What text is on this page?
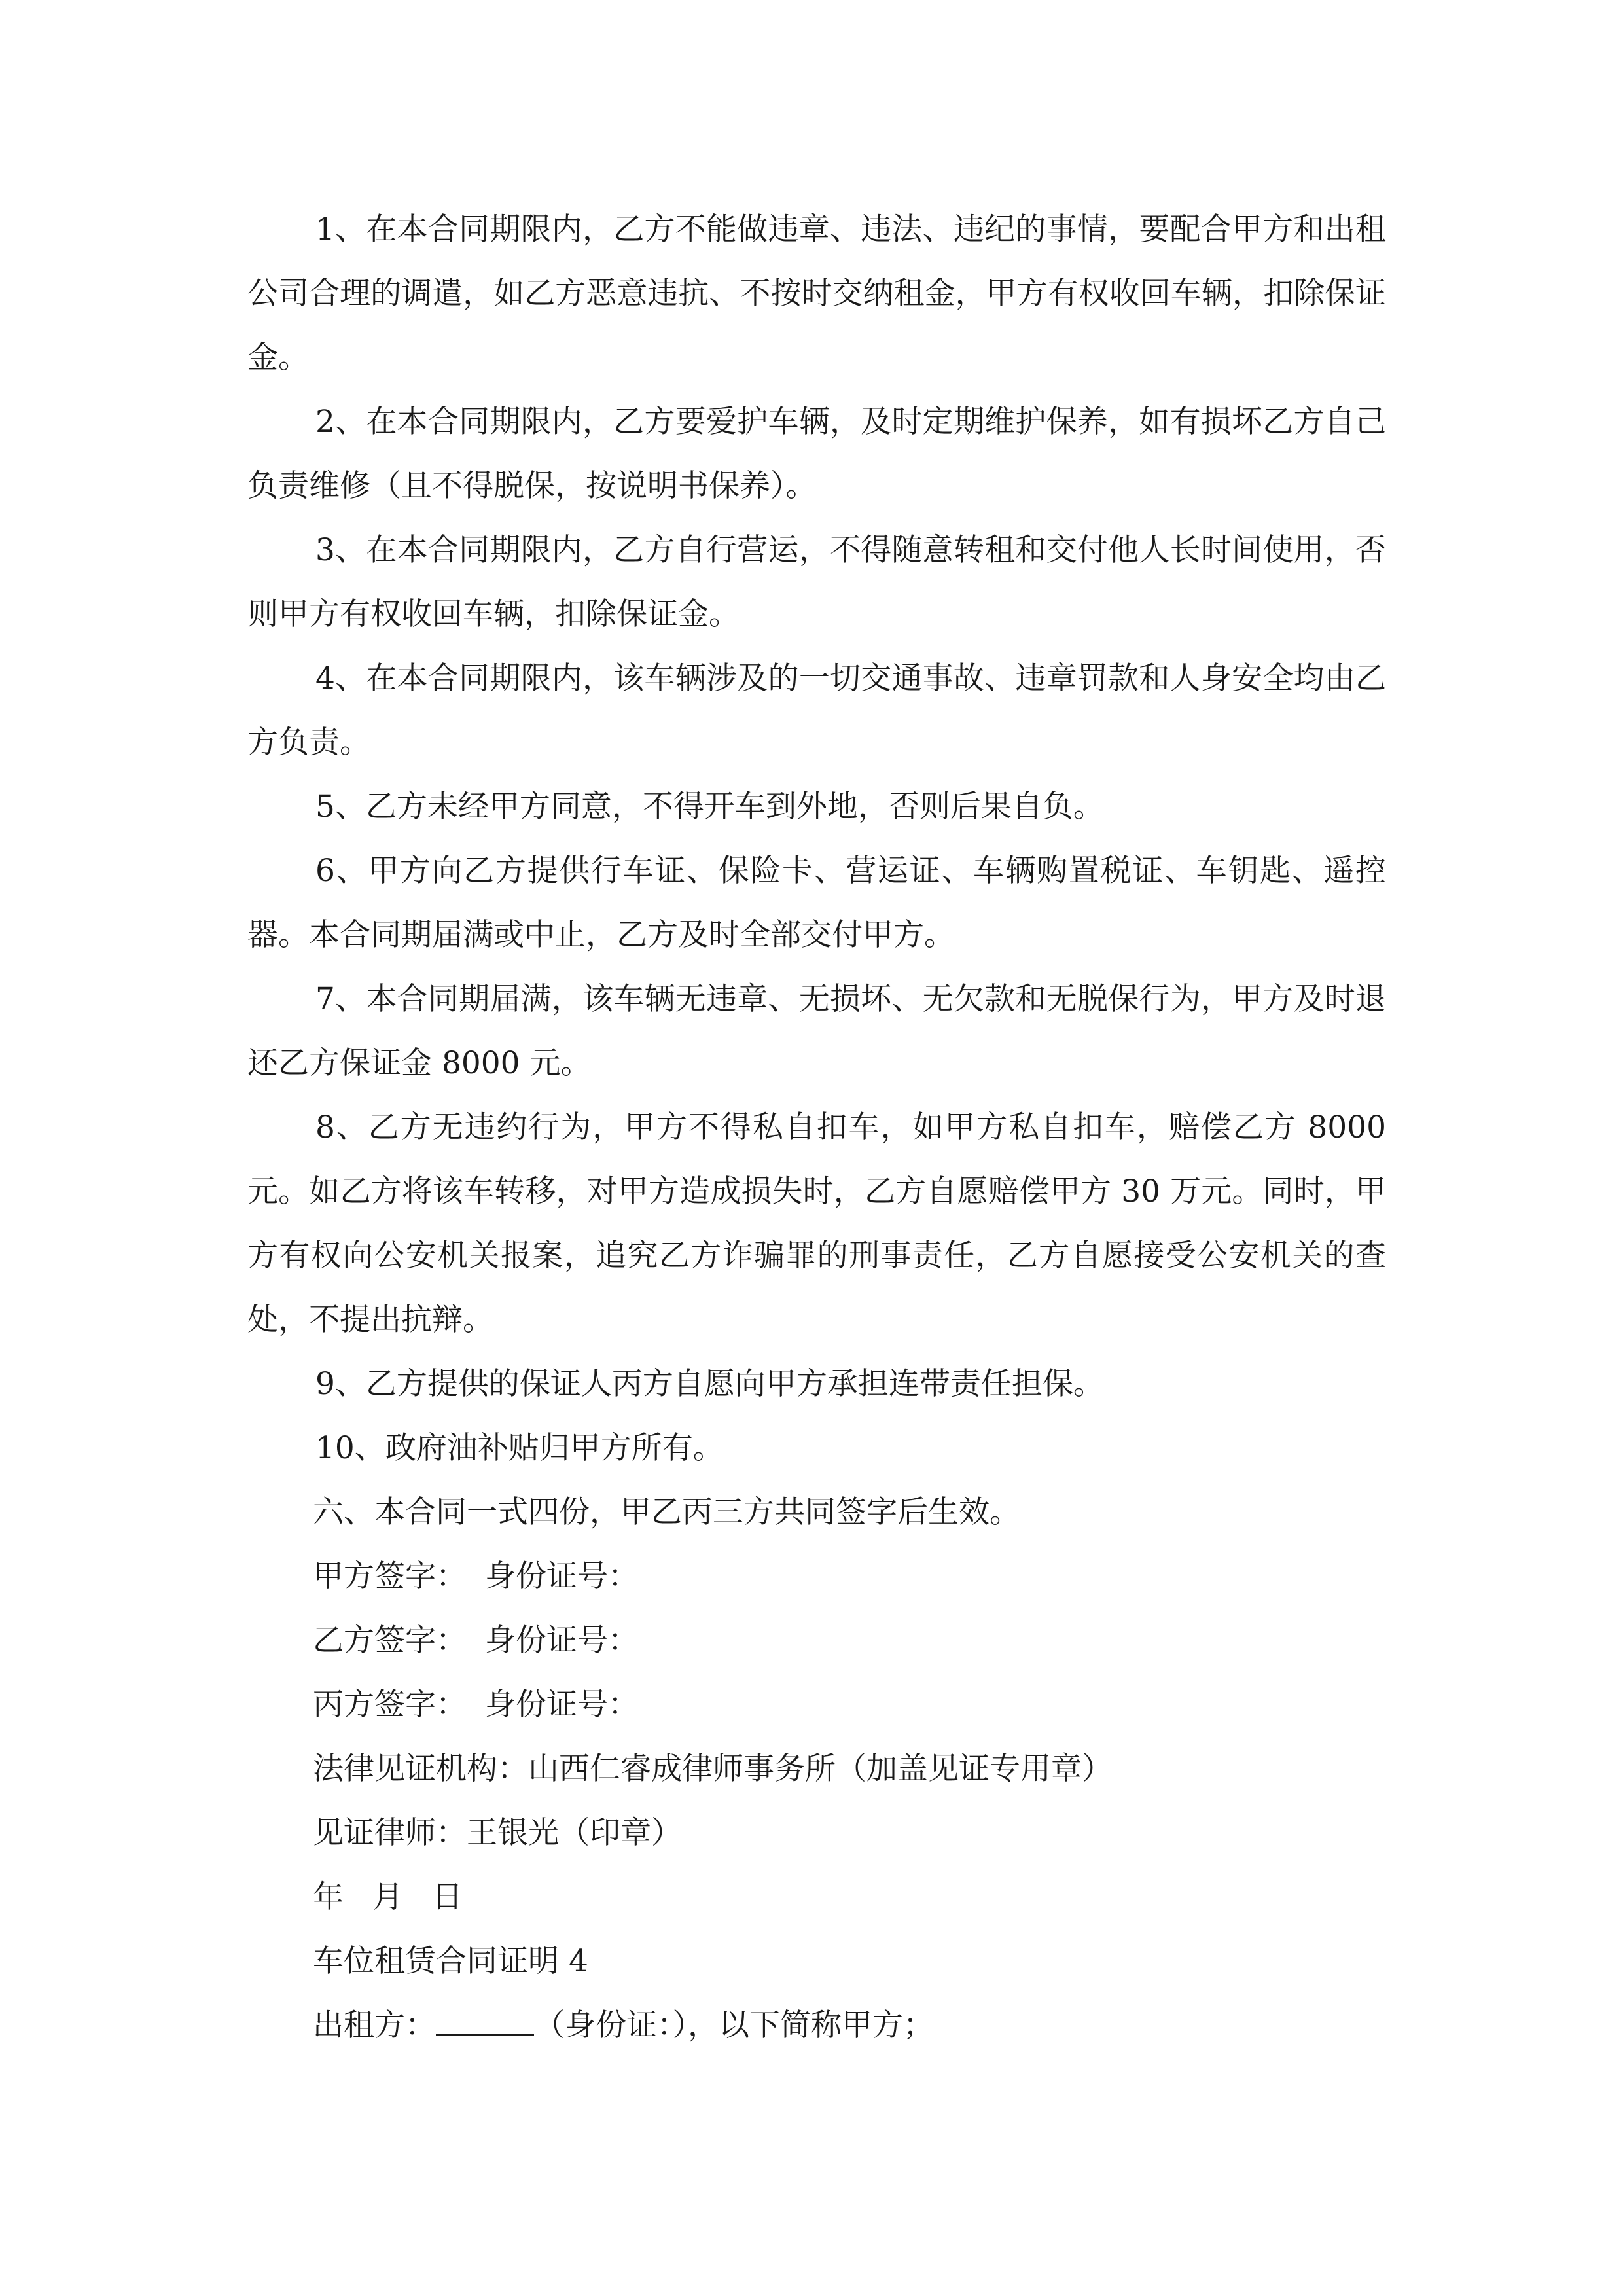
1、在本合同期限内，乙方不能做违章、违法、违纪的事情，要配合甲方和出租公司合理的调遣，如乙方恶意违抗、不按时交纳租金，甲方有权收回车辆，扣除保证金。

2、在本合同期限内，乙方要爱护车辆，及时定期维护保养，如有损坏乙方自己负责维修（且不得脱保，按说明书保养）。

3、在本合同期限内，乙方自行营运，不得随意转租和交付他人长时间使用，否则甲方有权收回车辆，扣除保证金。

4、在本合同期限内，该车辆涉及的一切交通事故、违章罚款和人身安全均由乙方负责。

5、乙方未经甲方同意，不得开车到外地，否则后果自负。

6、甲方向乙方提供行车证、保险卡、营运证、车辆购置税证、车钥匙、遥控器。本合同期届满或中止，乙方及时全部交付甲方。

7、本合同期届满，该车辆无违章、无损坏、无欠款和无脱保行为，甲方及时退还乙方保证金 8000 元。

8、乙方无违约行为，甲方不得私自扣车，如甲方私自扣车，赔偿乙方 8000 元。如乙方将该车转移，对甲方造成损失时，乙方自愿赔偿甲方 30 万元。同时，甲方有权向公安机关报案，追究乙方诈骗罪的刑事责任，乙方自愿接受公安机关的查处，不提出抗辩。

9、乙方提供的保证人丙方自愿向甲方承担连带责任担保。

10、政府油补贴归甲方所有。

六、本合同一式四份，甲乙丙三方共同签字后生效。

甲方签字： 身份证号：

乙方签字： 身份证号：

丙方签字： 身份证号：

法律见证机构：山西仁睿成律师事务所（加盖见证专用章）

见证律师：王银光（印章）

年 月 日

车位租赁合同证明 4

出租方：	（身份证：），以下简称甲方；
